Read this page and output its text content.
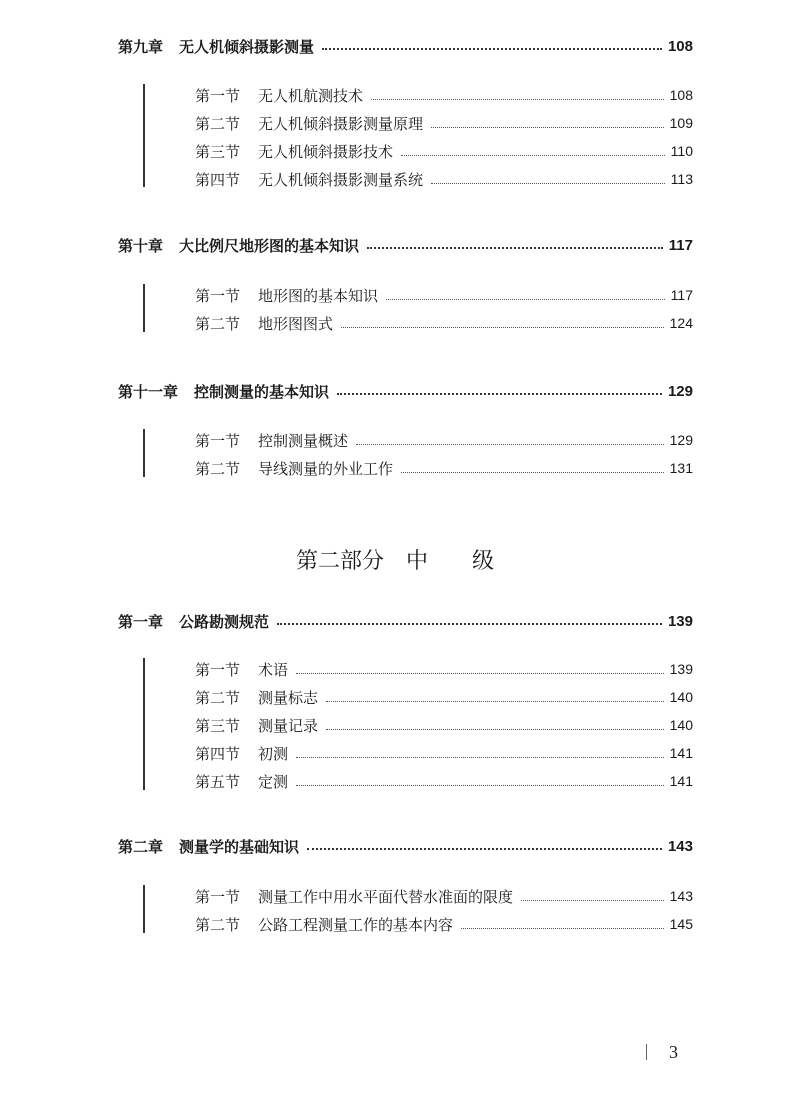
第九章 无人机倾斜摄影测量	108
第一节 无人机航测技术	108
第二节 无人机倾斜摄影测量原理	109
第三节 无人机倾斜摄影技术	110
第四节 无人机倾斜摄影测量系统	113
第十章 大比例尺地形图的基本知识	117
第一节 地形图的基本知识	117
第二节 地形图图式	124
第十一章 控制测量的基本知识	129
第一节 控制测量概述	129
第二节 导线测量的外业工作	131
第二部分　 中　　级
第一章 公路勘测规范	139
第一节 术语	139
第二节 测量标志	140
第三节 测量记录	140
第四节 初测	141
第五节 定测	141
第二章 测量学的基础知识	143
第一节 测量工作中用水平面代替水准面的限度	143
第二节 公路工程测量工作的基本内容	145
3
